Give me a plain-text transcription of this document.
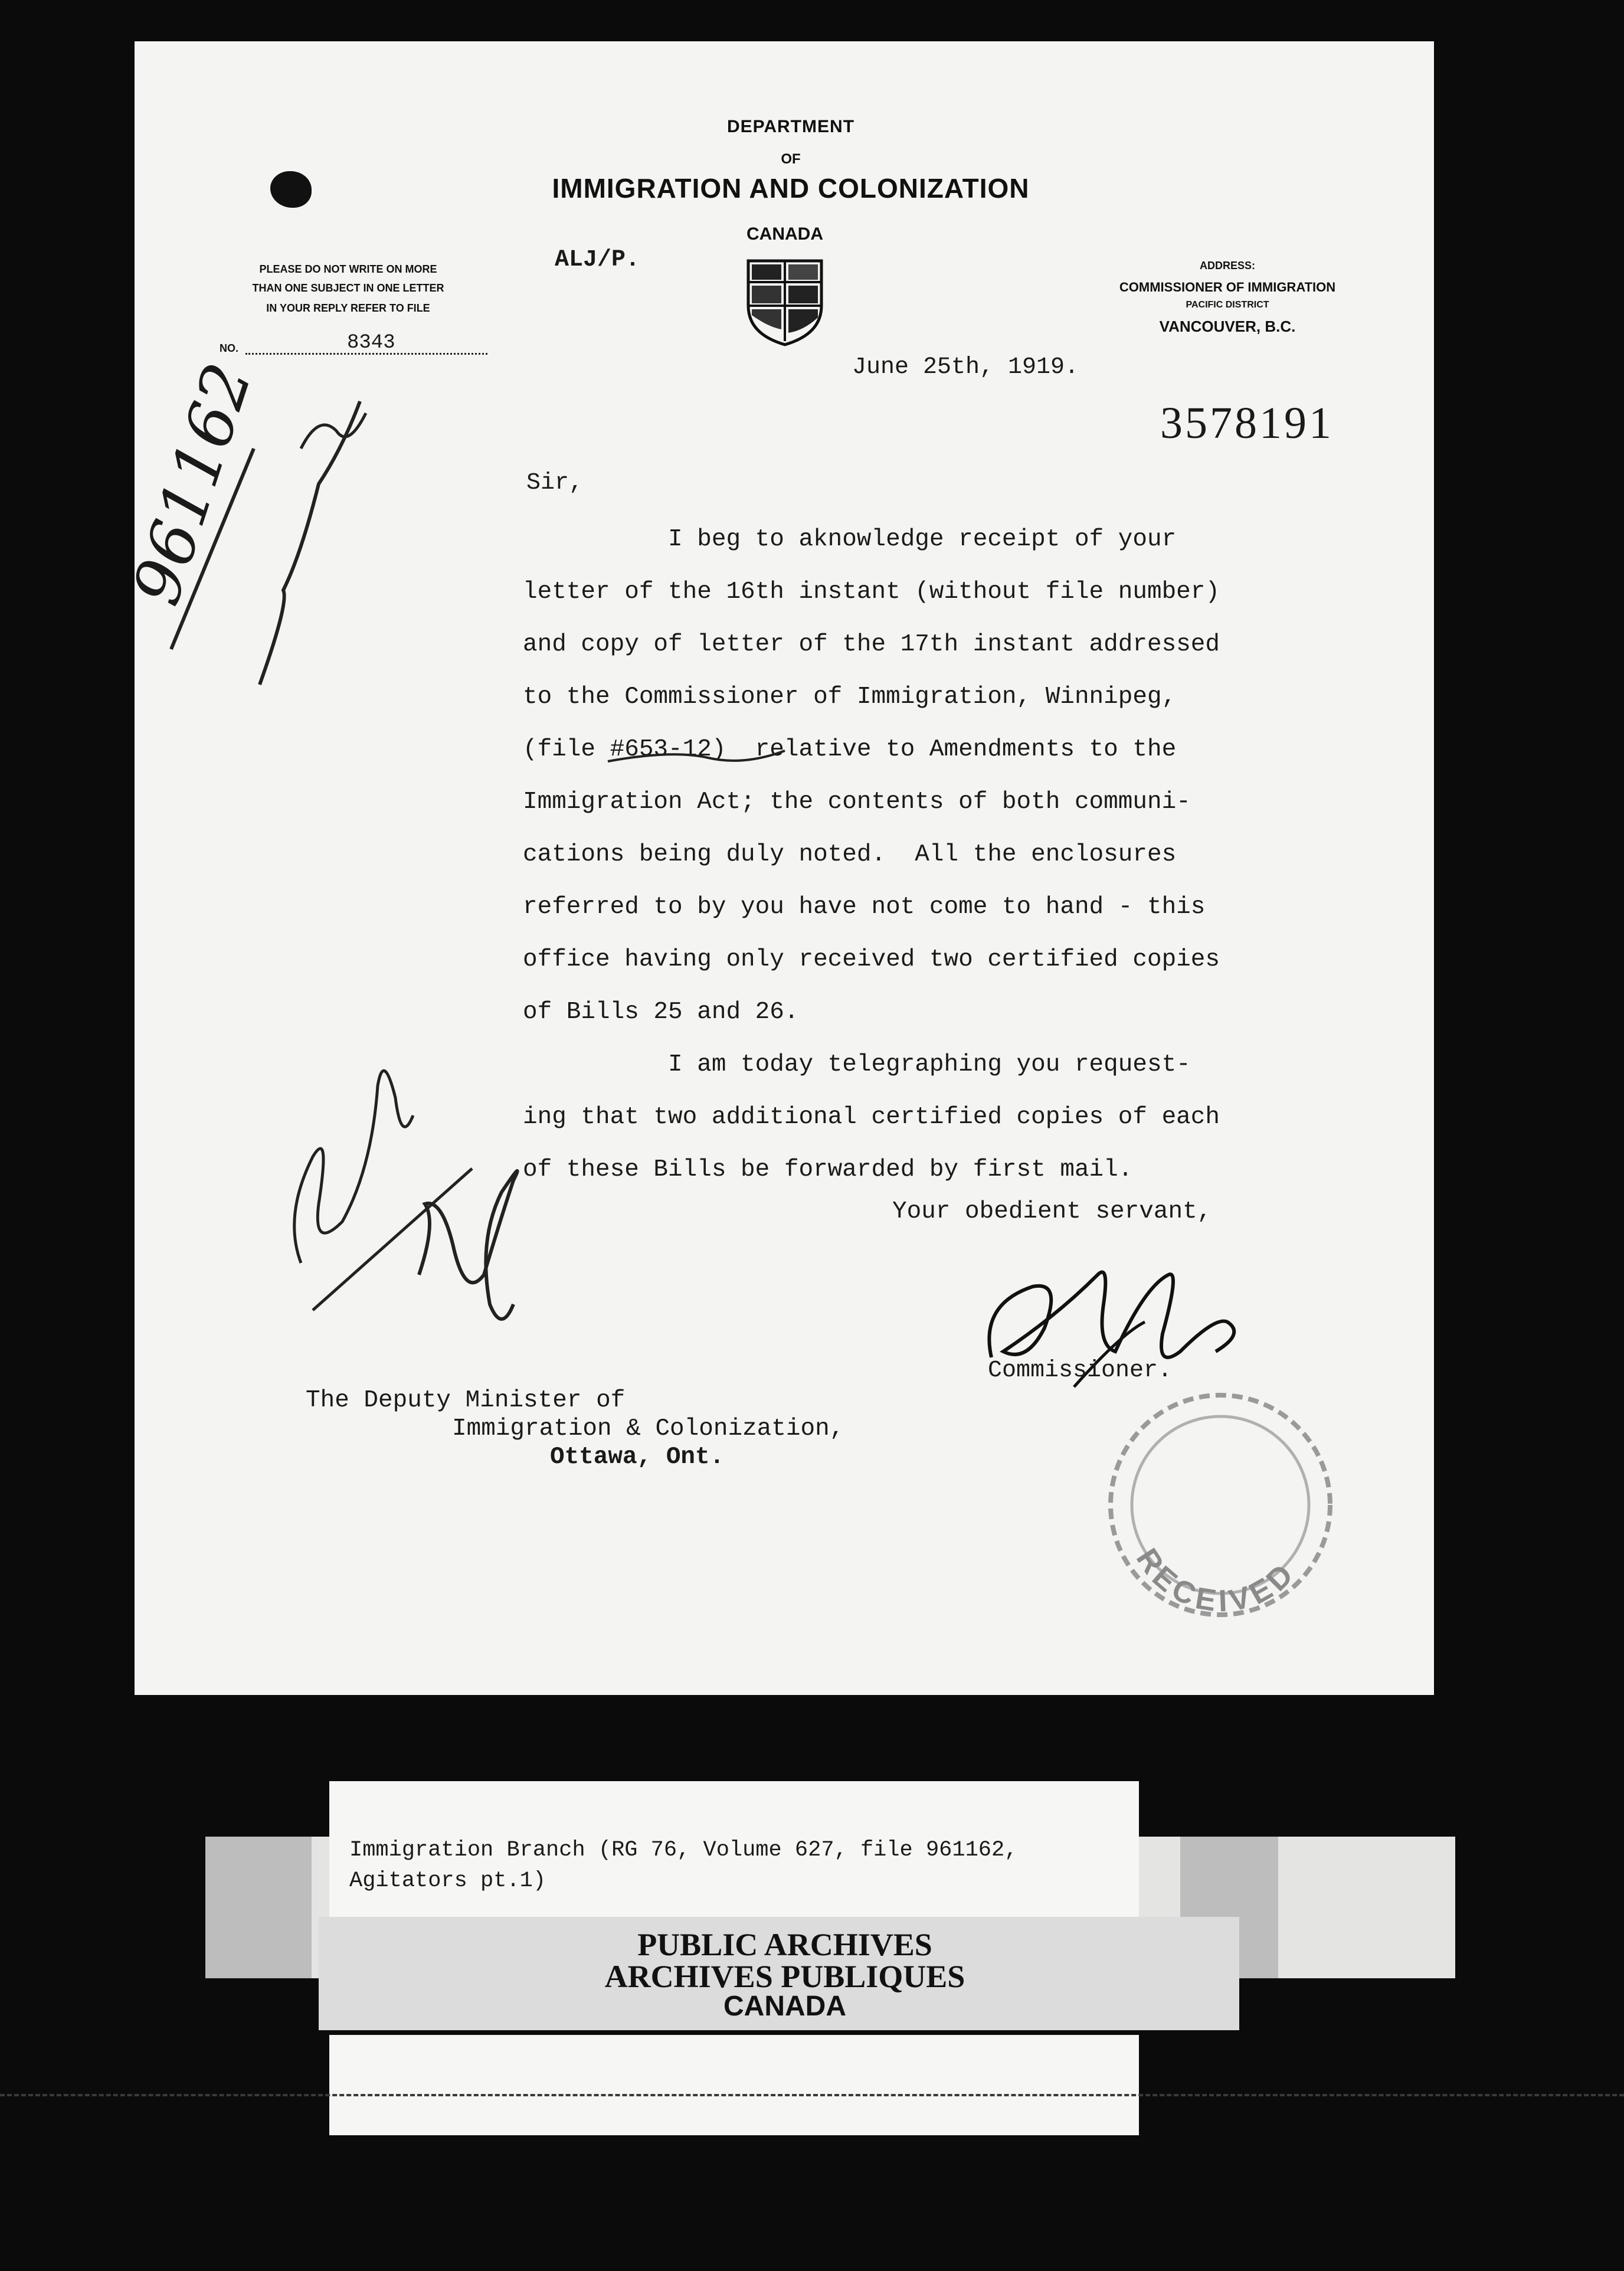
DEPARTMENT
OF
IMMIGRATION AND COLONIZATION
CANADA
PLEASE DO NOT WRITE ON MORE
THAN ONE SUBJECT IN ONE LETTER
IN YOUR REPLY REFER TO FILE
NO.	8343
ALJ/P.	ADDRESS:
COMMISSIONER OF IMMIGRATION
PACIFIC DISTRICT
VANCOUVER, B.C.
June 25th, 1919.
3578191
Sir,
I beg to aknowledge receipt of your
letter of the 16th instant (without file number)
and copy of letter of the 17th instant addressed
to the Commissioner of Immigration, Winnipeg,
(file #653-12)  relative to Amendments to the
Immigration Act; the contents of both communi-
cations being duly noted.  All the enclosures
referred to by you have not come to hand - this
office having only received two certified copies
of Bills 25 and 26.
I am today telegraphing you request-
ing that two additional certified copies of each
of these Bills be forwarded by first mail.
Your obedient servant,
Commissioner.
The Deputy Minister of
Immigration & Colonization,
Ottawa, Ont.
RECEIVED
961162
Immigration Branch (RG 76, Volume 627, file 961162,
Agitators pt.1)
PUBLIC ARCHIVES
ARCHIVES PUBLIQUES
CANADA
